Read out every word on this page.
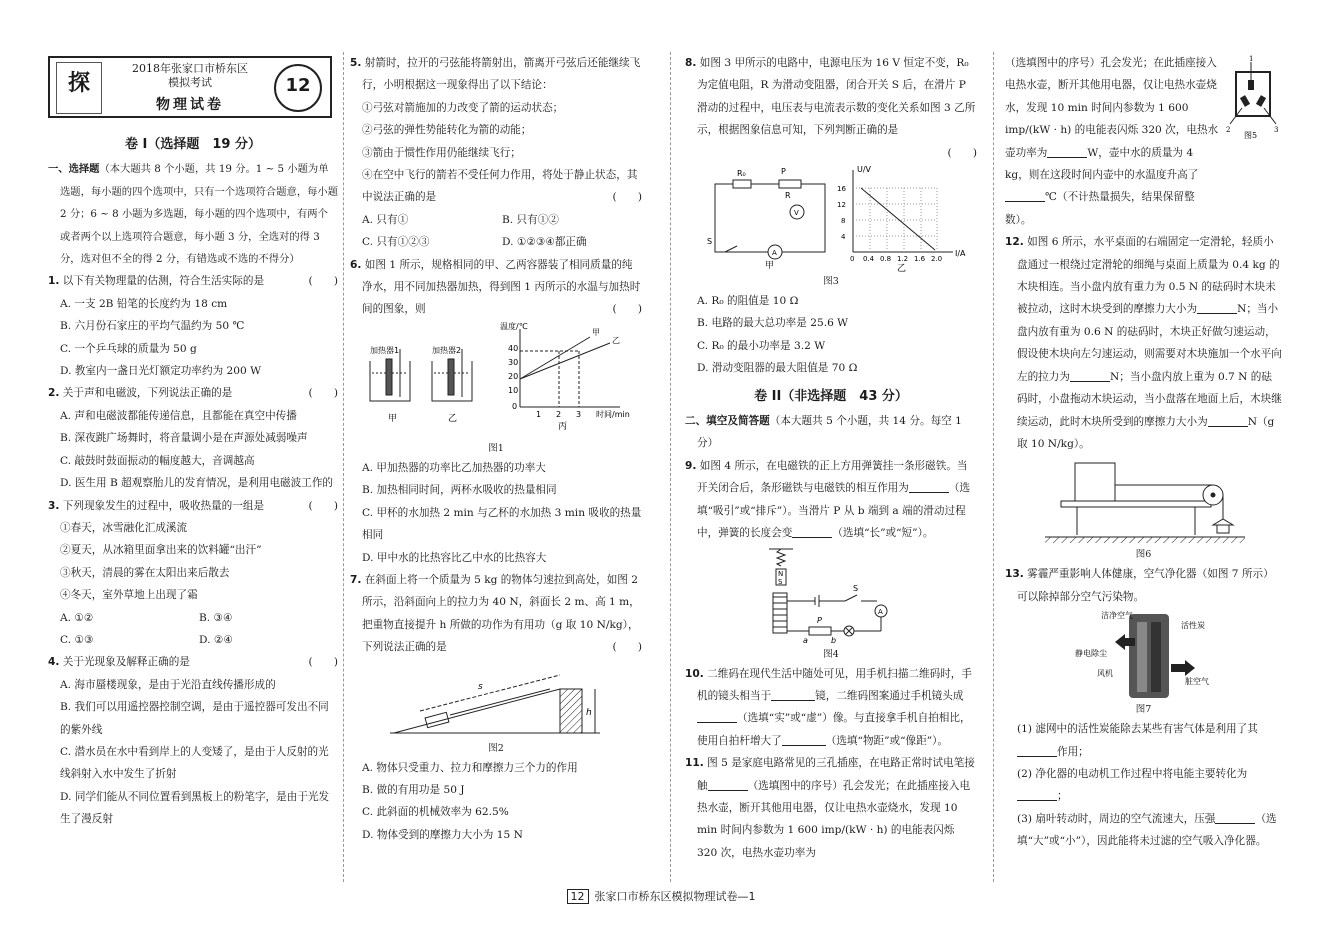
探
2018年张家口市桥东区
模拟考试
物理试卷
12

卷 I（选择题　19 分）

一、选择题（本大题共 8 个小题，共 19 分。1 ~ 5 小题为单选题，每小题的四个选项中，只有一个选项符合题意，每小题 2 分；6 ~ 8 小题为多选题，每小题的四个选项中，有两个或者两个以上选项符合题意，每小题 3 分，全选对的得 3 分，选对但不全的得 2 分，有错选或不选的不得分）

1. 以下有关物理量的估测，符合生活实际的是	(　　)

A. 一支 2B 铅笔的长度约为 18 cm

B. 六月份石家庄的平均气温约为 50 ℃

C. 一个乒乓球的质量为 50 g

D. 教室内一盏日光灯额定功率约为 200 W

2. 关于声和电磁波，下列说法正确的是	(　　)

A. 声和电磁波都能传递信息，且都能在真空中传播

B. 深夜跳广场舞时，将音量调小是在声源处减弱噪声

C. 敲鼓时鼓面振动的幅度越大，音调越高

D. 医生用 B 超观察胎儿的发育情况，是利用电磁波工作的

3. 下列现象发生的过程中，吸收热量的一组是	(　　)

①春天，冰雪融化汇成溪流

②夏天，从冰箱里面拿出来的饮料罐“出汗”

③秋天，清晨的雾在太阳出来后散去

④冬天，室外草地上出现了霜

A. ①②	B. ③④

C. ①③	D. ②④

4. 关于光现象及解释正确的是	(　　)

A. 海市蜃楼现象，是由于光沿直线传播形成的

B. 我们可以用遥控器控制空调，是由于遥控器可发出不同的紫外线

C. 潜水员在水中看到岸上的人变矮了，是由于人反射的光线斜射入水中发生了折射

D. 同学们能从不同位置看到黑板上的粉笔字，是由于光发生了漫反射

5. 射箭时，拉开的弓弦能将箭射出，箭离开弓弦后还能继续飞行，小明根据这一现象得出了以下结论：

①弓弦对箭施加的力改变了箭的运动状态；

②弓弦的弹性势能转化为箭的动能；

③箭由于惯性作用仍能继续飞行；

④在空中飞行的箭若不受任何力作用，将处于静止状态，其中说法正确的是	(　　)

A. 只有①	B. 只有①②

C. 只有①②③	D. ①②③④都正确

6. 如图 1 所示，规格相同的甲、乙两容器装了相同质量的纯净水，用不同加热器加热，得到图 1 丙所示的水温与加热时间的图象，则	(　　)

加热器1	加热器2
甲	乙
温度/℃
时间/min
40
30
20
10
0
1 2 3
甲
乙
丙

图1

A. 甲加热器的功率比乙加热器的功率大

B. 加热相同时间，两杯水吸收的热量相同

C. 甲杯的水加热 2 min 与乙杯的水加热 3 min 吸收的热量相同

D. 甲中水的比热容比乙中水的比热容大

7. 在斜面上将一个质量为 5 kg 的物体匀速拉到高处，如图 2 所示，沿斜面向上的拉力为 40 N，斜面长 2 m、高 1 m，把重物直接提升 h 所做的功作为有用功（g 取 10 N/kg），下列说法正确的是	(　　)

s
h

图2

A. 物体只受重力、拉力和摩擦力三个力的作用

B. 做的有用功是 50 J

C. 此斜面的机械效率为 62.5%

D. 物体受到的摩擦力大小为 15 N

8. 如图 3 甲所示的电路中，电源电压为 16 V 恒定不变，R₀ 为定值电阻，R 为滑动变阻器，闭合开关 S 后，在滑片 P 滑动的过程中，电压表与电流表示数的变化关系如图 3 乙所示，根据图象信息可知，下列判断正确的是

(　　)

R₀
R
P
S
V
A
甲
U/V
I/A
16
12
8
4
0 0.4 0.8 1.2 1.6 2.0
乙

图3

A. R₀ 的阻值是 10 Ω

B. 电路的最大总功率是 25.6 W

C. R₀ 的最小功率是 3.2 W

D. 滑动变阻器的最大阻值是 70 Ω

卷 II（非选择题　43 分）

二、填空及简答题（本大题共 5 个小题，共 14 分。每空 1 分）

9. 如图 4 所示，在电磁铁的正上方用弹簧挂一条形磁铁。当开关闭合后，条形磁铁与电磁铁的相互作用为	（选填“吸引”或“排斥”）。当滑片 P 从 b 端到 a 端的滑动过程中，弹簧的长度会变	（选填“长”或“短”）。

N
S
S
A
P
a	b

图4

10. 二维码在现代生活中随处可见，用手机扫描二维码时，手机的镜头相当于	镜，二维码图案通过手机镜头成（选填“实”或“虚”）像。与直接拿手机自拍相比，使用自拍杆增大了	（选填“物距”或“像距”）。

11. 图 5 是家庭电路常见的三孔插座，在电路正常时试电笔接触	（选填图中的序号）孔会发光；在此插座接入电热水壶，断开其他用电器，仅让电热水壶烧水，发现 10 min 时间内参数为 1 600 imp/(kW · h) 的电能表闪烁 320 次，电热水壶功率为

（选填图中的序号）孔会发光；在此插座接入电热水壶，断开其他用电器，仅让电热水壶烧水，发现 10 min 时间内参数为 1 600 imp/(kW · h) 的电能表闪烁 320 次，电热水壶功率为	W，壶中水的质量为 4 kg，则在这段时间内壶中的水温度升高了℃（不计热量损失，结果保留整数）。

1
2	3
图5

12. 如图 6 所示，水平桌面的右端固定一定滑轮，轻质小盘通过一根绕过定滑轮的细绳与桌面上质量为 0.4 kg 的木块相连。当小盘内放有重力为 0.5 N 的砝码时木块未被拉动，这时木块受到的摩擦力大小为	N；当小盘内放有重为 0.6 N 的砝码时，木块正好做匀速运动，假设使木块向左匀速运动，则需要对木块施加一个水平向左的拉力为	N；当小盘内放上重为 0.7 N 的砝码时，小盘拖动木块运动，当小盘落在地面上后，木块继续运动，此时木块所受到的摩擦力大小为	N（g 取 10 N/kg）。

图6

13. 雾霾严重影响人体健康，空气净化器（如图 7 所示）可以除掉部分空气污染物。

洁净空气
活性炭
静电除尘
风机
脏空气

图7

(1) 滤网中的活性炭能除去某些有害气体是利用了其作用；

(2) 净化器的电动机工作过程中将电能主要转化为；

(3) 扇叶转动时，周边的空气流速大，压强	（选填“大”或“小”），因此能将未过滤的空气吸入净化器。

12 张家口市桥东区模拟物理试卷—1
